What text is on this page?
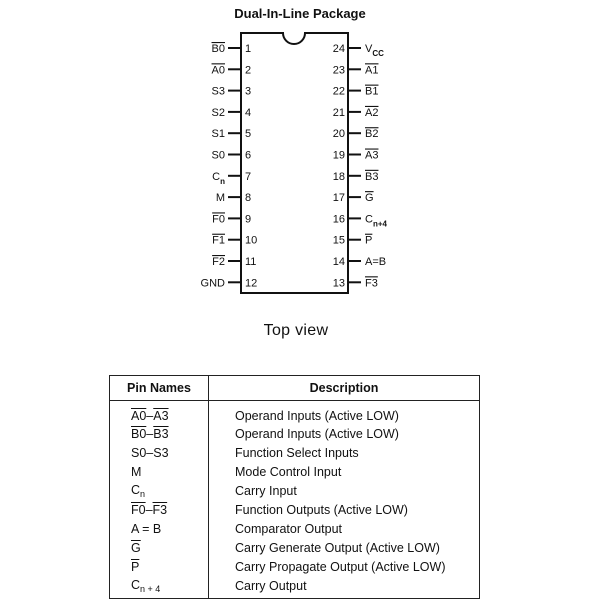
Dual-In-Line Package
B0 1
A0 2
S3 3
S2 4
S1 5
S0 6
$C_n$ 7
M 8
F0 9
F1 10
F2 11
GND 12
$V_{CC}$
24
A1
23
B1
22
A2
21
B2
20
A3
19
B3
18
G
17
$C_{n+4}$
16
P
15
A=B
14
F3
13
Top view
Pin Names	Description
A0–A3	Operand Inputs (Active LOW)
B0–B3	Operand Inputs (Active LOW)
S0–S3	Function Select Inputs
M	Mode Control Input
$C_n$	Carry Input
F0–F3	Function Outputs (Active LOW)
A = B	Comparator Output
$\overline{G}$	Carry Generate Output (Active LOW)
$\overline{P}$	Carry Propagate Output (Active LOW)
$C_{n + 4}$	Carry Output
